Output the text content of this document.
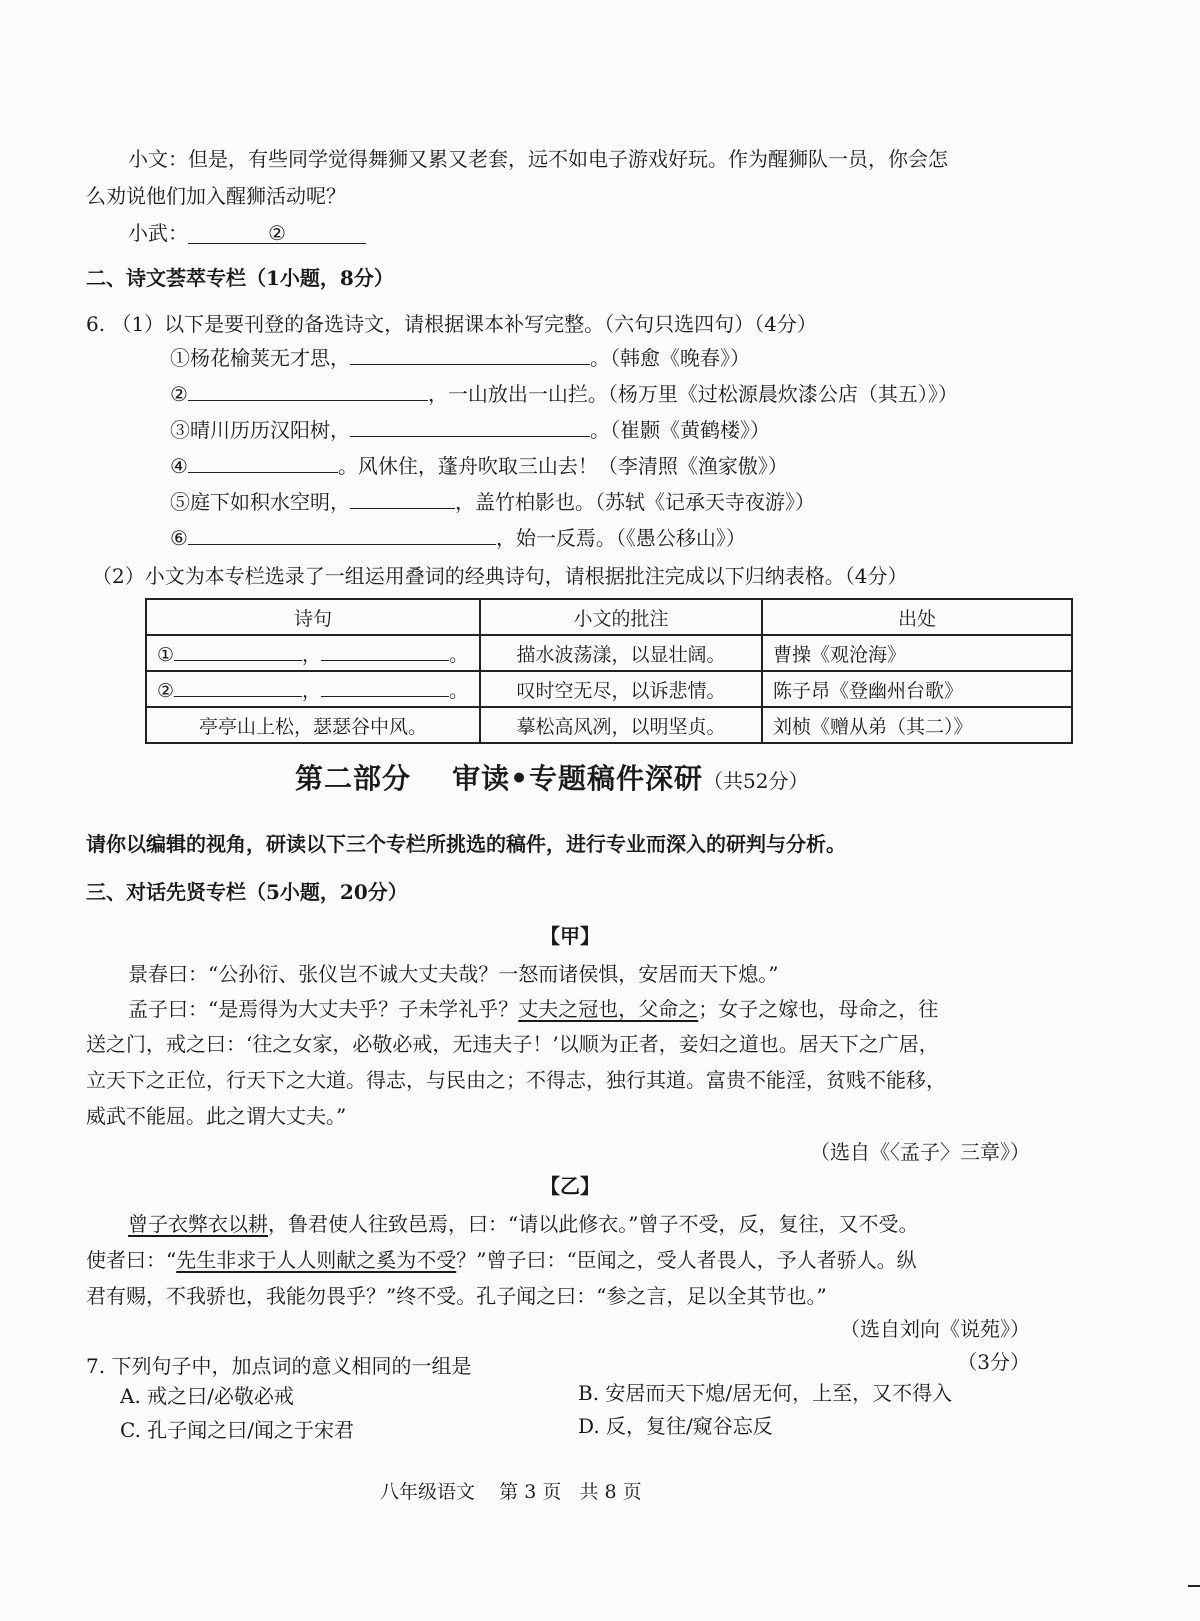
小文：但是，有些同学觉得舞狮又累又老套，远不如电子游戏好玩。作为醒狮队一员，你会怎
么劝说他们加入醒狮活动呢？
小武：	②
二、诗文荟萃专栏（1小题，8分）
6. （1）以下是要刊登的备选诗文，请根据课本补写完整。（六句只选四句）（4分）
①杨花榆荚无才思，	。（韩愈《晚春》）
②	，一山放出一山拦。（杨万里《过松源晨炊漆公店（其五）》）
③晴川历历汉阳树，	。（崔颢《黄鹤楼》）
④	。风休住，蓬舟吹取三山去！（李清照《渔家傲》）
⑤庭下如积水空明，	，盖竹柏影也。（苏轼《记承天寺夜游》）
⑥	，始一反焉。（《愚公移山》）
（2）小文为本专栏选录了一组运用叠词的经典诗句，请根据批注完成以下归纳表格。（4分）
诗句	小文的批注	出处
① ， 。	描水波荡漾，以显壮阔。	曹操《观沧海》
② ， 。	叹时空无尽，以诉悲情。	陈子昂《登幽州台歌》
亭亭山上松，瑟瑟谷中风。	摹松高风冽，以明坚贞。	刘桢《赠从弟（其二）》
第二部分 审读•专题稿件深研（共52分）
请你以编辑的视角，研读以下三个专栏所挑选的稿件，进行专业而深入的研判与分析。
三、对话先贤专栏（5小题，20分）
【甲】
景春曰：“公孙衍、张仪岂不诚大丈夫哉？一怒而诸侯惧，安居而天下熄。”
孟子曰：“是焉得为大丈夫乎？子未学礼乎？丈夫之冠也，父命之；女子之嫁也，母命之，往
送之门，戒之曰：‘往之女家，必敬必戒，无违夫子！’以顺为正者，妾妇之道也。居天下之广居，
立天下之正位，行天下之大道。得志，与民由之；不得志，独行其道。富贵不能淫，贫贱不能移，
威武不能屈。此之谓大丈夫。”
（选自《〈孟子〉三章》）
【乙】
曾子衣弊衣以耕，鲁君使人往致邑焉，曰：“请以此修衣。”曾子不受，反，复往，又不受。
使者曰：“先生非求于人人则献之奚为不受？”曾子曰：“臣闻之，受人者畏人，予人者骄人。纵
君有赐，不我骄也，我能勿畏乎？”终不受。孔子闻之曰：“参之言，足以全其节也。”
（选自刘向《说苑》）
7. 下列句子中，加点词的意义相同的一组是	（3分）
A. 戒之曰/必敬必戒	B. 安居而天下熄/居无何，上至，又不得入
C. 孔子闻之曰/闻之于宋君	D. 反，复往/窥谷忘反
八年级语文    第 3 页   共 8 页
